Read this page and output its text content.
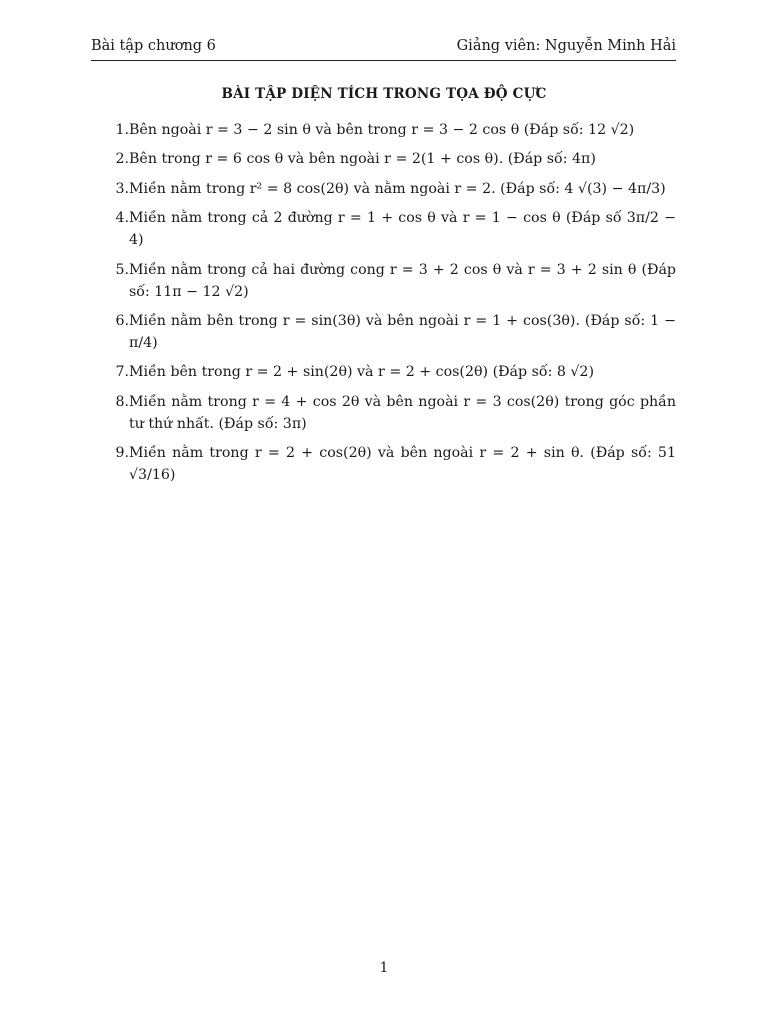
Bài tập chương 6	Giảng viên: Nguyễn Minh Hải
BÀI TẬP DIỆN TÍCH TRONG TỌA ĐỘ CỰC
1. Bên ngoài r = 3 − 2 sin θ và bên trong r = 3 − 2 cos θ (Đáp số: 12 √2)
2. Bên trong r = 6 cos θ và bên ngoài r = 2(1 + cos θ). (Đáp số: 4π)
3. Miền nằm trong r² = 8 cos(2θ) và nằm ngoài r = 2. (Đáp số: 4 √(3) − 4π/3)
4. Miền nằm trong cả 2 đường r = 1 + cos θ và r = 1 − cos θ (Đáp số 3π/2 − 4)
5. Miền nằm trong cả hai đường cong r = 3 + 2 cos θ và r = 3 + 2 sin θ (Đáp số: 11π − 12 √2)
6. Miền nằm bên trong r = sin(3θ) và bên ngoài r = 1 + cos(3θ). (Đáp số: 1 − π/4)
7. Miền bên trong r = 2 + sin(2θ) và r = 2 + cos(2θ) (Đáp số: 8 √2)
8. Miền nằm trong r = 4 + cos 2θ và bên ngoài r = 3 cos(2θ) trong góc phần tư thứ nhất. (Đáp số: 3π)
9. Miền nằm trong r = 2 + cos(2θ) và bên ngoài r = 2 + sin θ. (Đáp số: 51 √3/16)
1
